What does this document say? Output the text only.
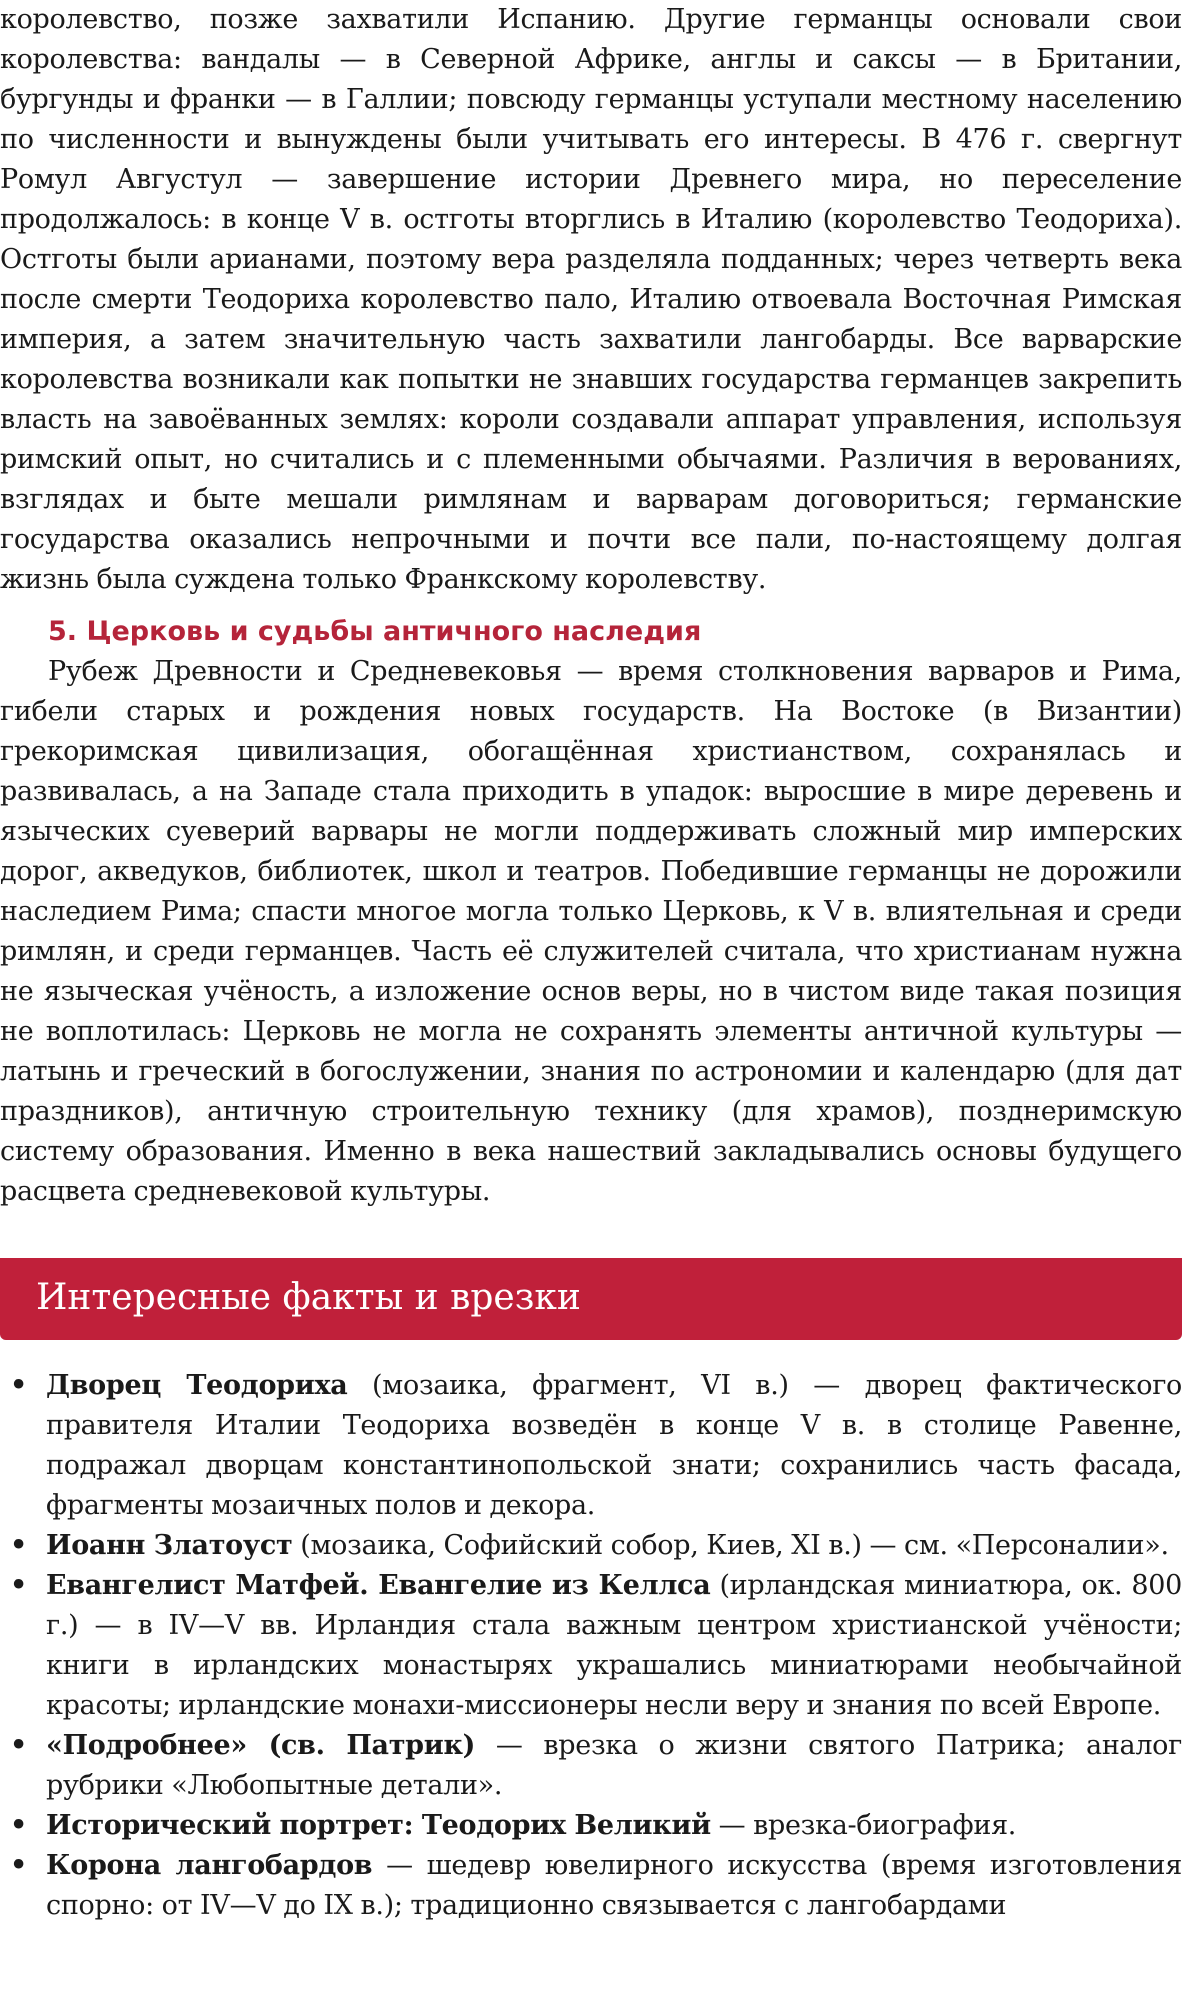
королевство, позже захватили Испанию. Другие германцы основали свои королевства: вандалы — в Северной Африке, англы и саксы — в Британии, бургунды и франки — в Галлии; повсюду германцы уступали местному населению по численности и вынуждены были учитывать его интересы. В 476 г. свергнут Ромул Августул — завершение истории Древнего мира, но переселение продолжалось: в конце V в. остготы вторглись в Италию (королевство Теодориха). Остготы были арианами, поэтому вера разделяла подданных; через четверть века после смерти Теодориха королевство пало, Италию отвоевала Восточная Римская империя, а затем значительную часть захватили лангобарды. Все варварские королевства возникали как попытки не знавших государства германцев закрепить власть на завоёванных землях: короли создавали аппарат управления, используя римский опыт, но считались и с племенными обычаями. Различия в верованиях, взглядах и быте мешали римлянам и варварам договориться; германские государства оказались непрочными и почти все пали, по-настоящему долгая жизнь была суждена только Франкскому королевству.

5. Церковь и судьбы античного наследия

Рубеж Древности и Средневековья — время столкновения варваров и Рима, гибели старых и рождения новых государств. На Востоке (в Византии) грекоримская цивилизация, обогащённая христианством, сохранялась и развивалась, а на Западе стала приходить в упадок: выросшие в мире деревень и языческих суеверий варвары не могли поддерживать сложный мир имперских дорог, акведуков, библиотек, школ и театров. Победившие германцы не дорожили наследием Рима; спасти многое могла только Церковь, к V в. влиятельная и среди римлян, и среди германцев. Часть её служителей считала, что христианам нужна не языческая учёность, а изложение основ веры, но в чистом виде такая позиция не воплотилась: Церковь не могла не сохранять элементы античной культуры — латынь и греческий в богослужении, знания по астрономии и календарю (для дат праздников), античную строительную технику (для храмов), позднеримскую систему образования. Именно в века нашествий закладывались основы будущего расцвета средневековой культуры.

Интересные факты и врезки
• Дворец Теодориха (мозаика, фрагмент, VI в.) — дворец фактического правителя Италии Теодориха возведён в конце V в. в столице Равенне, подражал дворцам константинопольской знати; сохранились часть фасада, фрагменты мозаичных полов и декора.
• Иоанн Златоуст (мозаика, Софийский собор, Киев, XI в.) — см. «Персоналии».
• Евангелист Матфей. Евангелие из Келлса (ирландская миниатюра, ок. 800 г.) — в IV—V вв. Ирландия стала важным центром христианской учёности; книги в ирландских монастырях украшались миниатюрами необычайной красоты; ирландские монахи-миссионеры несли веру и знания по всей Европе.
• «Подробнее» (св. Патрик) — врезка о жизни святого Патрика; аналог рубрики «Любопытные детали».
• Исторический портрет: Теодорих Великий — врезка-биография.
• Корона лангобардов — шедевр ювелирного искусства (время изготовления спорно: от IV—V до IX в.); традиционно связывается с лангобардами
